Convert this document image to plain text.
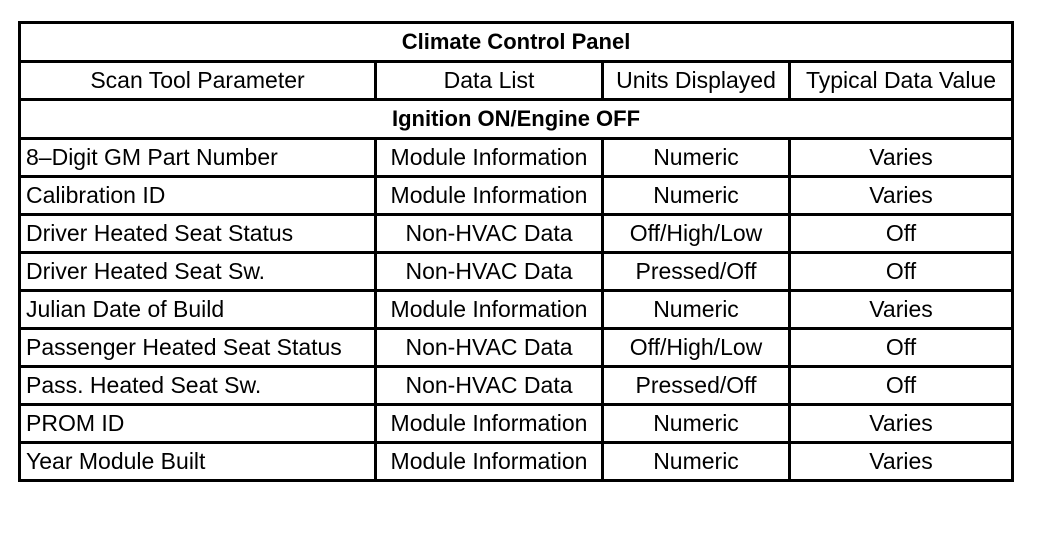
Climate Control Panel			
Scan Tool Parameter	Data List	Units Displayed	Typical Data Value
Ignition ON/Engine OFF			
8–Digit GM Part Number	Module Information	Numeric	Varies
Calibration ID	Module Information	Numeric	Varies
Driver Heated Seat Status	Non-HVAC Data	Off/High/Low	Off
Driver Heated Seat Sw.	Non-HVAC Data	Pressed/Off	Off
Julian Date of Build	Module Information	Numeric	Varies
Passenger Heated Seat Status	Non-HVAC Data	Off/High/Low	Off
Pass. Heated Seat Sw.	Non-HVAC Data	Pressed/Off	Off
PROM ID	Module Information	Numeric	Varies
Year Module Built	Module Information	Numeric	Varies
